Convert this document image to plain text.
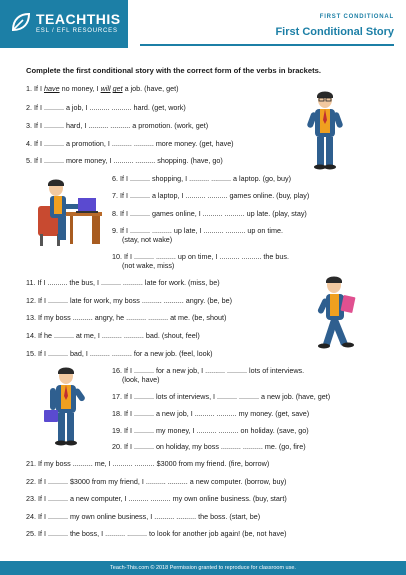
TEACHTHIS
ESL / EFL RESOURCES
FIRST CONDITIONAL
First Conditional Story
Complete the first conditional story with the correct form of the verbs in brackets.
1. If I have no money, I will get a job. (have, get)
2. If I .......... a job, I .......... .......... hard. (get, work)
3. If I .......... hard, I .......... .......... a promotion. (work, get)
4. If I .......... a promotion, I .......... .......... more money. (get, have)
5. If I .......... more money, I .......... .......... shopping. (have, go)
6. If I .......... shopping, I .......... .......... a laptop. (go, buy)
7. If I .......... a laptop, I .......... .......... games online. (buy, play)
8. If I .......... games online, I .......... .......... up late. (play, stay)
9. If I .......... .......... up late, I .......... .......... up on time.
(stay, not wake)
10. If I .......... .......... up on time, I .......... .......... the bus.
(not wake, miss)
11. If I .......... the bus, I .......... .......... late for work. (miss, be)
12. If I .......... late for work, my boss .......... .......... angry. (be, be)
13. If my boss .......... angry, he .......... .......... at me. (be, shout)
14. If he .......... at me, I .......... .......... bad. (shout, feel)
15. If I .......... bad, I .......... .......... for a new job. (feel, look)
16. If I .......... for a new job, I .......... .......... lots of interviews.
(look, have)
17. If I .......... lots of interviews, I .......... .......... a new job. (have, get)
18. If I .......... a new job, I .......... .......... my money. (get, save)
19. If I .......... my money, I .......... .......... on holiday. (save, go)
20. If I .......... on holiday, my boss .......... .......... me. (go, fire)
21. If my boss .......... me, I .......... .......... $3000 from my friend. (fire, borrow)
22. If I .......... $3000 from my friend, I .......... .......... a new computer. (borrow, buy)
23. If I .......... a new computer, I .......... .......... my own online business. (buy, start)
24. If I .......... my own online business, I .......... .......... the boss. (start, be)
25. If I .......... the boss, I .......... .......... to look for another job again! (be, not have)
Teach-This.com © 2018 Permission granted to reproduce for classroom use.
